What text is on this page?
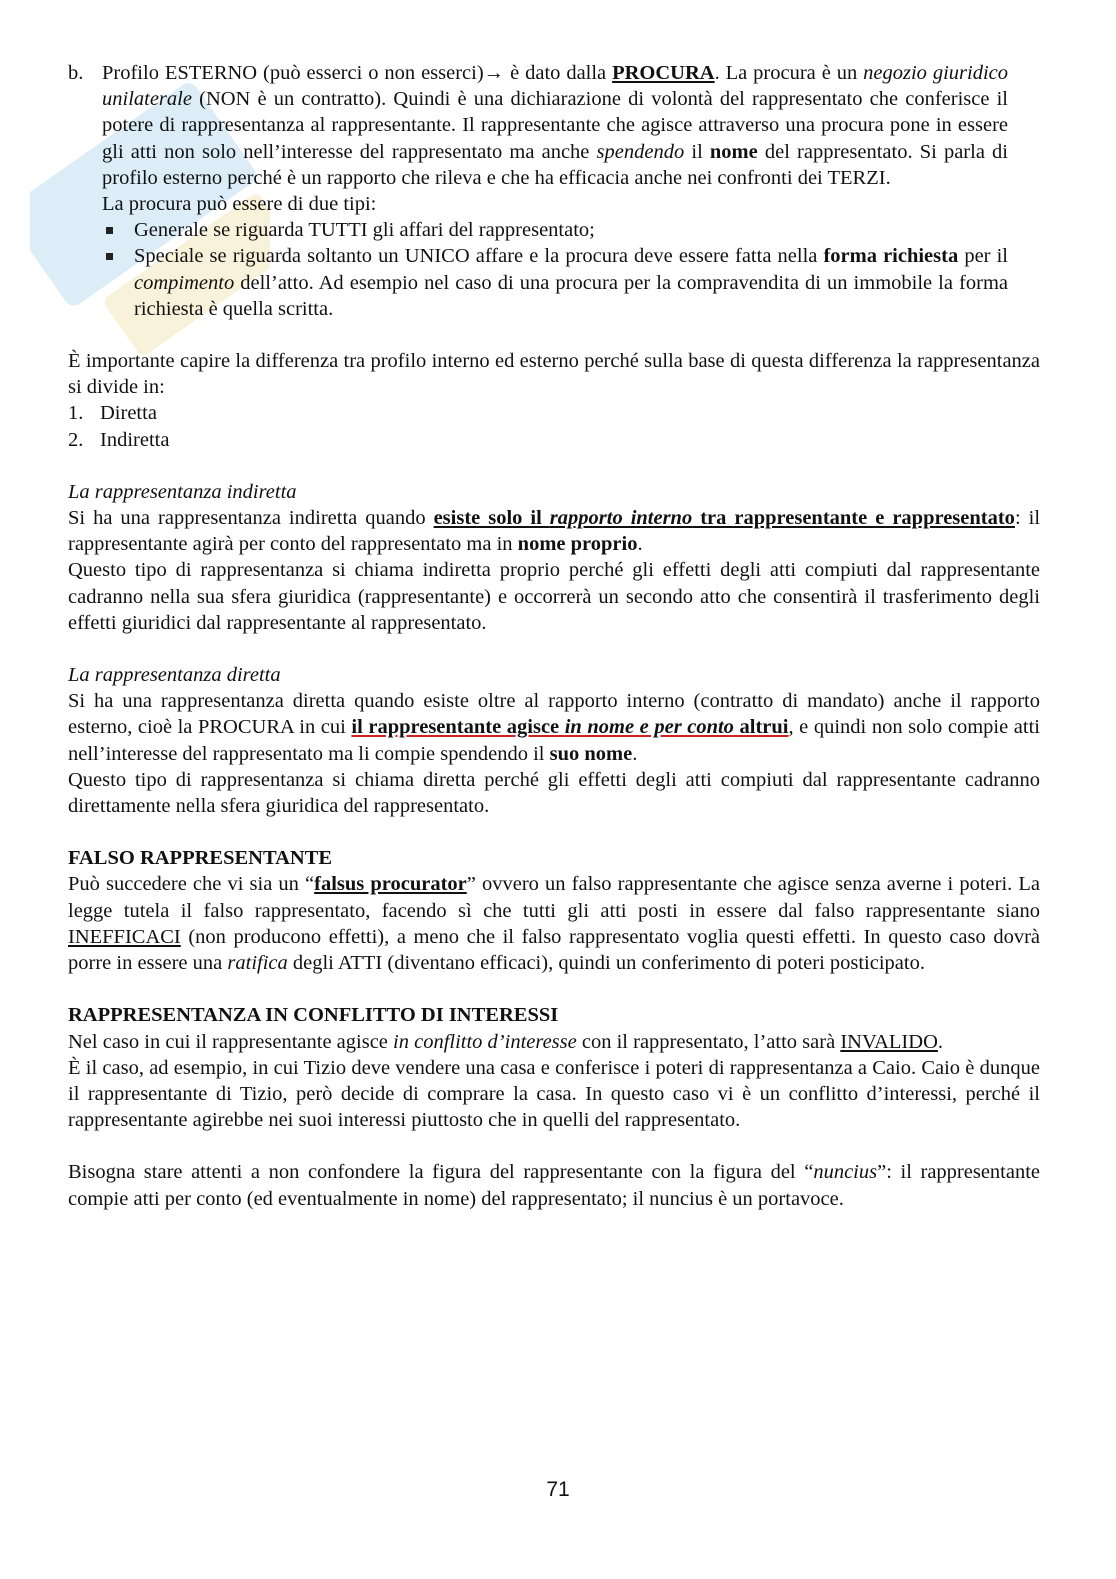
b. Profilo ESTERNO (può esserci o non esserci)→ è dato dalla PROCURA. La procura è un negozio giuridico unilaterale (NON è un contratto). Quindi è una dichiarazione di volontà del rappresentato che conferisce il potere di rappresentanza al rappresentante. Il rappresentante che agisce attraverso una procura pone in essere gli atti non solo nell’interesse del rappresentato ma anche spendendo il nome del rappresentato. Si parla di profilo esterno perché è un rapporto che rileva e che ha efficacia anche nei confronti dei TERZI.

La procura può essere di due tipi:

Generale se riguarda TUTTI gli affari del rappresentato;
Speciale se riguarda soltanto un UNICO affare e la procura deve essere fatta nella forma richiesta per il compimento dell’atto. Ad esempio nel caso di una procura per la compravendita di un immobile la forma richiesta è quella scritta.

È importante capire la differenza tra profilo interno ed esterno perché sulla base di questa differenza la rappresentanza si divide in:

1. Diretta
2. Indiretta

La rappresentanza indiretta

Si ha una rappresentanza indiretta quando esiste solo il rapporto interno tra rappresentante e rappresentato: il rappresentante agirà per conto del rappresentato ma in nome proprio.

Questo tipo di rappresentanza si chiama indiretta proprio perché gli effetti degli atti compiuti dal rappresentante cadranno nella sua sfera giuridica (rappresentante) e occorrerà un secondo atto che consentirà il trasferimento degli effetti giuridici dal rappresentante al rappresentato.

La rappresentanza diretta

Si ha una rappresentanza diretta quando esiste oltre al rapporto interno (contratto di mandato) anche il rapporto esterno, cioè la PROCURA in cui il rappresentante agisce in nome e per conto altrui, e quindi non solo compie atti nell’interesse del rappresentato ma li compie spendendo il suo nome.

Questo tipo di rappresentanza si chiama diretta perché gli effetti degli atti compiuti dal rappresentante cadranno direttamente nella sfera giuridica del rappresentato.

FALSO RAPPRESENTANTE

Può succedere che vi sia un “falsus procurator” ovvero un falso rappresentante che agisce senza averne i poteri. La legge tutela il falso rappresentato, facendo sì che tutti gli atti posti in essere dal falso rappresentante siano INEFFICACI (non producono effetti), a meno che il falso rappresentato voglia questi effetti. In questo caso dovrà porre in essere una ratifica degli ATTI (diventano efficaci), quindi un conferimento di poteri posticipato.

RAPPRESENTANZA IN CONFLITTO DI INTERESSI

Nel caso in cui il rappresentante agisce in conflitto d’interesse con il rappresentato, l’atto sarà INVALIDO.

È il caso, ad esempio, in cui Tizio deve vendere una casa e conferisce i poteri di rappresentanza a Caio. Caio è dunque il rappresentante di Tizio, però decide di comprare la casa. In questo caso vi è un conflitto d’interessi, perché il rappresentante agirebbe nei suoi interessi piuttosto che in quelli del rappresentato.

Bisogna stare attenti a non confondere la figura del rappresentante con la figura del “nuncius”: il rappresentante compie atti per conto (ed eventualmente in nome) del rappresentato; il nuncius è un portavoce.

71
